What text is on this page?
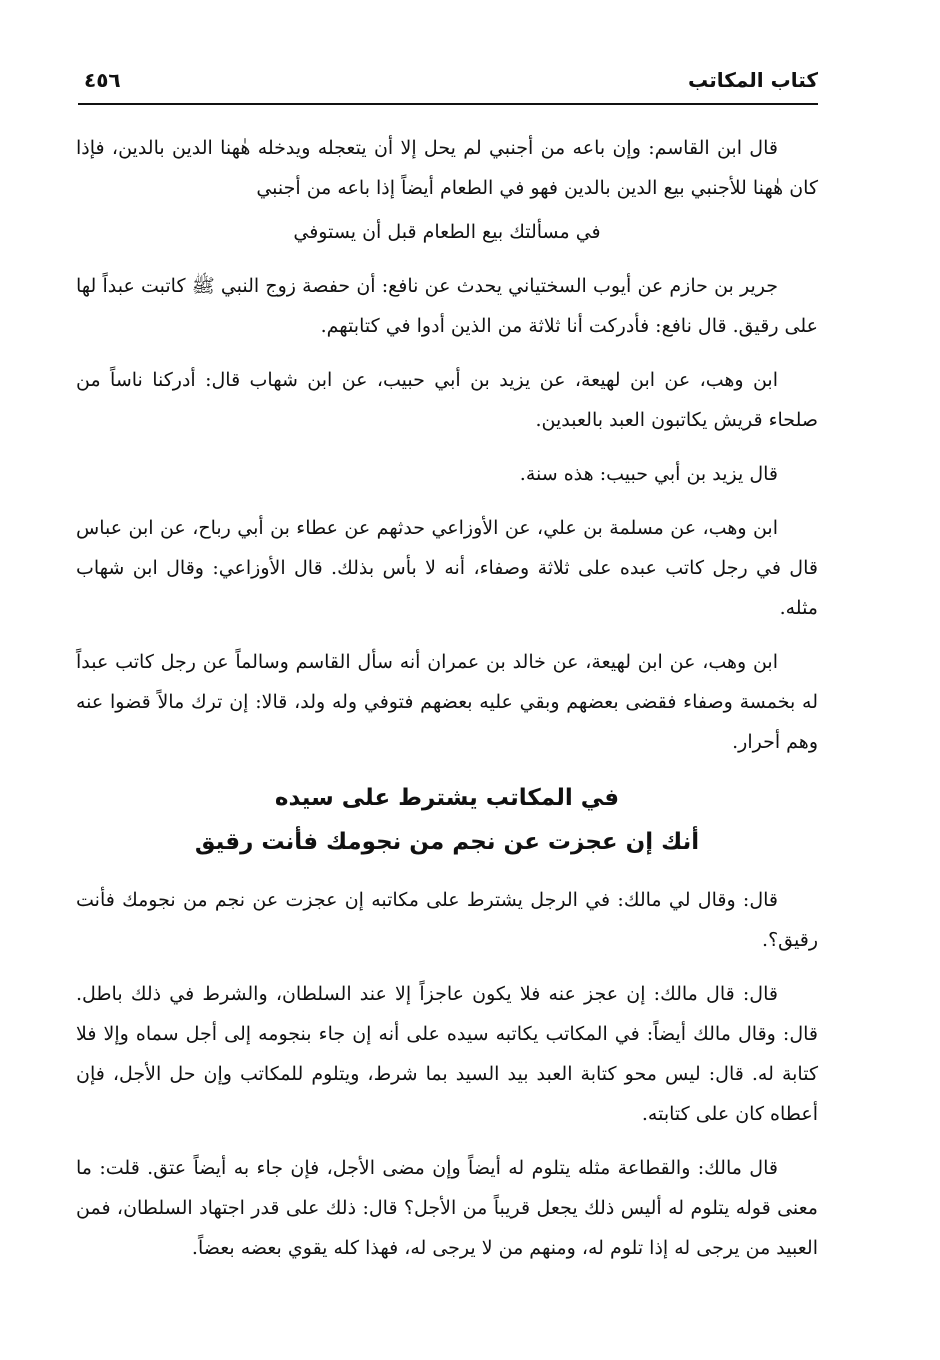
كتاب المكاتب
٤٥٦

قال ابن القاسم: وإن باعه من أجنبي لم يحل إلا أن يتعجله ويدخله هٰهنا الدين بالدين، فإذا كان هٰهنا للأجنبي بيع الدين بالدين فهو في الطعام أيضاً إذا باعه من أجنبي

في مسألتك بيع الطعام قبل أن يستوفي

جرير بن حازم عن أيوب السختياني يحدث عن نافع: أن حفصة زوج النبي ﷺ كاتبت عبداً لها على رقيق. قال نافع: فأدركت أنا ثلاثة من الذين أدوا في كتابتهم.

ابن وهب، عن ابن لهيعة، عن يزيد بن أبي حبيب، عن ابن شهاب قال: أدركنا ناساً من صلحاء قريش يكاتبون العبد بالعبدين.

قال يزيد بن أبي حبيب: هذه سنة.

ابن وهب، عن مسلمة بن علي، عن الأوزاعي حدثهم عن عطاء بن أبي رباح، عن ابن عباس قال في رجل كاتب عبده على ثلاثة وصفاء، أنه لا بأس بذلك. قال الأوزاعي: وقال ابن شهاب مثله.

ابن وهب، عن ابن لهيعة، عن خالد بن عمران أنه سأل القاسم وسالماً عن رجل كاتب عبداً له بخمسة وصفاء فقضى بعضهم وبقي عليه بعضهم فتوفي وله ولد، قالا: إن ترك مالاً قضوا عنه وهم أحرار.

في المكاتب يشترط على سيده
أنك إن عجزت عن نجم من نجومك فأنت رقيق

قال: وقال لي مالك: في الرجل يشترط على مكاتبه إن عجزت عن نجم من نجومك فأنت رقيق؟.

قال: قال مالك: إن عجز عنه فلا يكون عاجزاً إلا عند السلطان، والشرط في ذلك باطل. قال: وقال مالك أيضاً: في المكاتب يكاتبه سيده على أنه إن جاء بنجومه إلى أجل سماه وإلا فلا كتابة له. قال: ليس محو كتابة العبد بيد السيد بما شرط، ويتلوم للمكاتب وإن حل الأجل، فإن أعطاه كان على كتابته.

قال مالك: والقطاعة مثله يتلوم له أيضاً وإن مضى الأجل، فإن جاء به أيضاً عتق. قلت: ما معنى قوله يتلوم له أليس ذلك يجعل قريباً من الأجل؟ قال: ذلك على قدر اجتهاد السلطان، فمن العبيد من يرجى له إذا تلوم له، ومنهم من لا يرجى له، فهذا كله يقوي بعضه بعضاً.
